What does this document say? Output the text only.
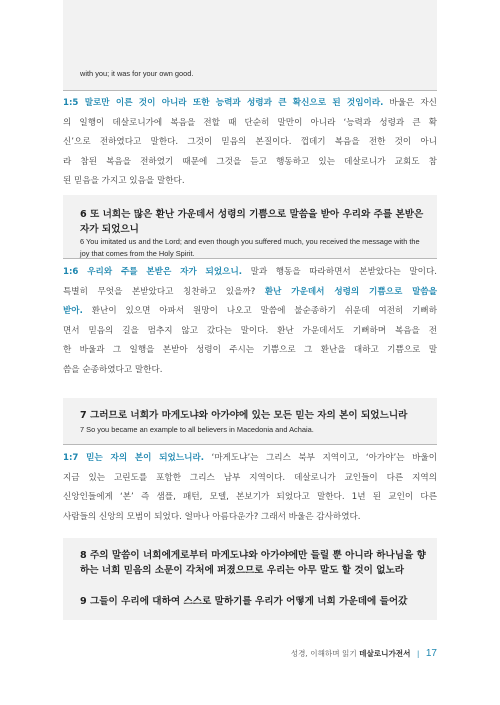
with you; it was for your own good.
1:5 말로만 이른 것이 아니라 또한 능력과 성령과 큰 확신으로 된 것임이라. 바울은 자신
의 일행이 데살로니가에 복음을 전할 때 단순히 말만이 아니라 ‘능력과 성령과 큰 확
신’으로 전하였다고 말한다. 그것이 믿음의 본질이다. 껍데기 복음을 전한 것이 아니
라 참된 복음을 전하였기 때문에 그것을 듣고 행동하고 있는 데살로니가 교회도 참
된 믿음을 가지고 있음을 말한다.
6 또 너희는 많은 환난 가운데서 성령의 기쁨으로 말씀을 받아 우리와 주를 본받은 자가 되었으니
6 You imitated us and the Lord; and even though you suffered much, you received the message with the joy that comes from the Holy Spirit.
1:6 우리와 주를 본받은 자가 되었으니. 말과 행동을 따라하면서 본받았다는 말이다.
특별히 무엇을 본받았다고 칭찬하고 있을까? 환난 가운데서 성령의 기쁨으로 말씀을
받아. 환난이 있으면 아파서 원망이 나오고 말씀에 불순종하기 쉬운데 여전히 기뻐하
면서 믿음의 길을 멈추지 않고 갔다는 말이다. 환난 가운데서도 기뻐하며 복음을 전
한 바울과 그 일행을 본받아 성령이 주시는 기쁨으로 그 환난을 대하고 기쁨으로 말
씀을 순종하였다고 말한다.
7 그러므로 너희가 마게도냐와 아가야에 있는 모든 믿는 자의 본이 되었느니라
7 So you became an example to all believers in Macedonia and Achaia.
1:7 믿는 자의 본이 되었느니라. ‘마게도냐’는 그리스 북부 지역이고, ‘아가야’는 바울이
지금 있는 고린도를 포함한 그리스 남부 지역이다. 데살로니가 교인들이 다른 지역의
신앙인들에게 ‘본’ 즉 샘플, 패턴, 모델, 본보기가 되었다고 말한다. 1년 된 교인이 다른
사람들의 신앙의 모범이 되었다. 얼마나 아름다운가? 그래서 바울은 감사하였다.
8 주의 말씀이 너희에게로부터 마게도냐와 아가야에만 들릴 뿐 아니라 하나님을 향하는 너희 믿음의 소문이 각처에 퍼졌으므로 우리는 아무 말도 할 것이 없노라
9 그들이 우리에 대하여 스스로 말하기를 우리가 어떻게 너희 가운데에 들어갔
성경, 이해하며 읽기 데살로니가전서 | 17
